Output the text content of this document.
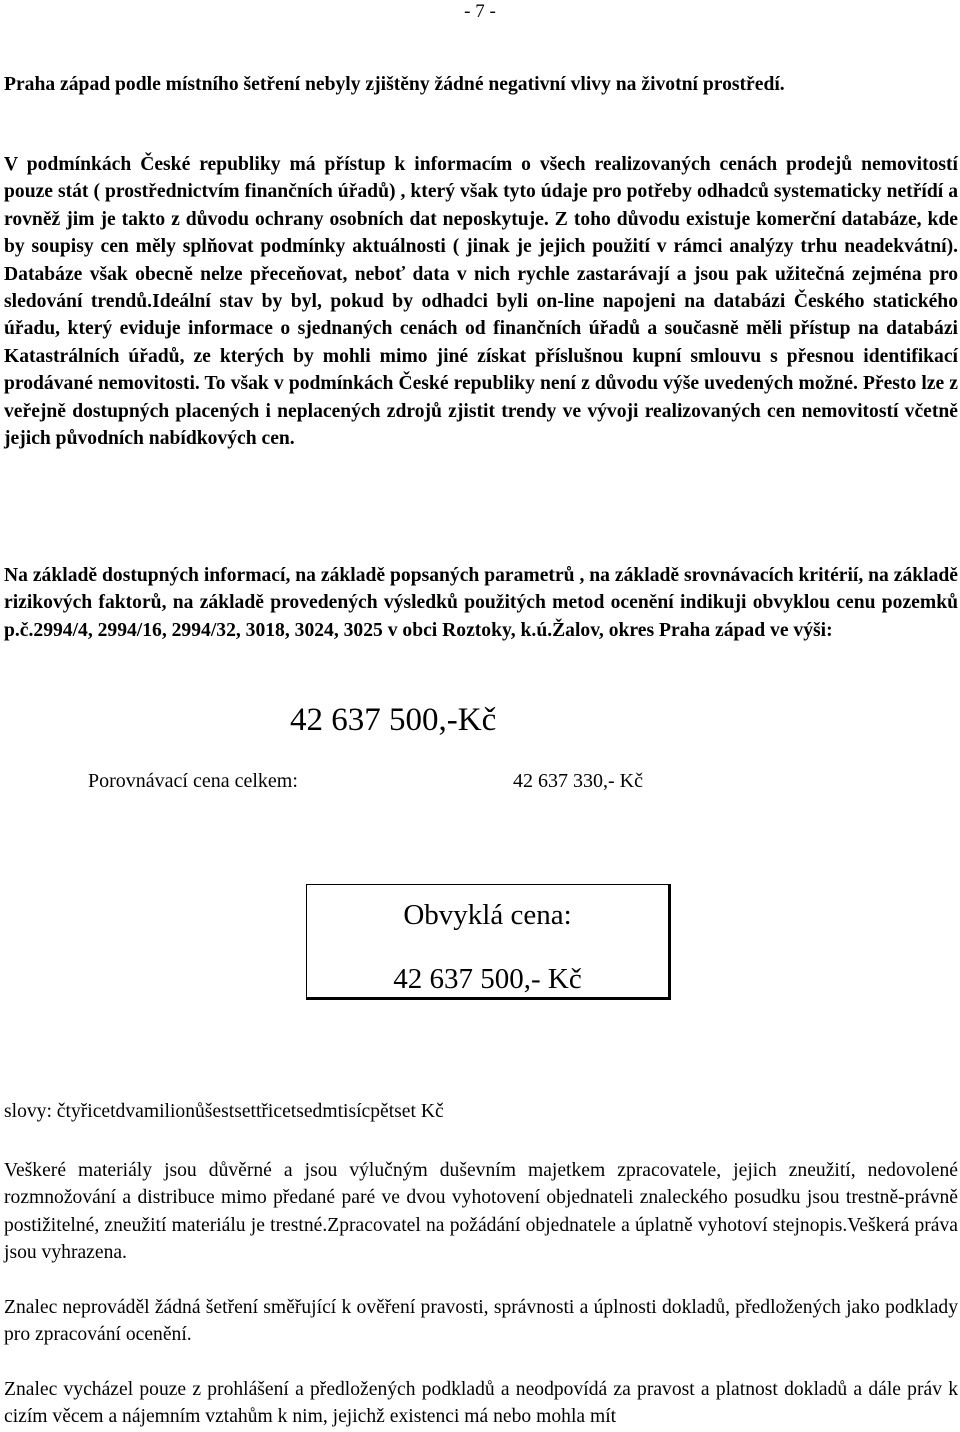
- 7 -

Praha západ podle místního šetření nebyly zjištěny žádné negativní vlivy na životní prostředí.

V podmínkách České republiky má přístup k informacím o všech realizovaných cenách prodejů nemovitostí pouze stát ( prostřednictvím finančních úřadů) , který však tyto údaje pro potřeby odhadců systematicky netřídí a rovněž jim je takto z důvodu ochrany osobních dat neposkytuje. Z toho důvodu existuje komerční databáze, kde by soupisy cen měly splňovat podmínky aktuálnosti ( jinak je jejich použití v rámci analýzy trhu neadekvátní). Databáze však obecně nelze přeceňovat, neboť data v nich rychle zastarávají a jsou pak užitečná zejména pro sledování trendů.Ideální stav by byl, pokud by odhadci byli on-line napojeni na databázi Českého statického úřadu, který eviduje informace o sjednaných cenách od finančních úřadů a současně měli přístup na databázi Katastrálních úřadů, ze kterých by mohli mimo jiné získat příslušnou kupní smlouvu s přesnou identifikací prodávané nemovitosti. To však v podmínkách České republiky není z důvodu výše uvedených možné. Přesto lze z veřejně dostupných placených i neplacených zdrojů zjistit trendy ve vývoji realizovaných cen nemovitostí včetně jejich původních nabídkových cen.

Na základě dostupných informací, na základě popsaných parametrů , na základě srovnávacích kritérií, na základě rizikových faktorů, na základě provedených výsledků použitých metod ocenění indikuji obvyklou cenu pozemků p.č.2994/4, 2994/16, 2994/32, 3018, 3024, 3025 v obci Roztoky, k.ú.Žalov, okres Praha západ ve výši:

42 637 500,-Kč
Porovnávací cena celkem:	42 637 330,- Kč
Obvyklá cena:
42 637 500,- Kč

slovy: čtyřicetdvamilionůšestsettřicetsedmtisícpětset Kč

Veškeré materiály jsou důvěrné a jsou výlučným duševním majetkem zpracovatele, jejich zneužití, nedovolené rozmnožování a distribuce mimo předané paré ve dvou vyhotovení objednateli znaleckého posudku jsou trestně-právně postižitelné, zneužití materiálu je trestné.Zpracovatel na požádání objednatele a úplatně vyhotoví stejnopis.Veškerá práva jsou vyhrazena.

Znalec neprováděl žádná šetření směřující k ověření pravosti, správnosti a úplnosti dokladů, předložených jako podklady pro zpracování ocenění.

Znalec vycházel pouze z prohlášení a předložených podkladů a neodpovídá za pravost a platnost dokladů a dále práv k cizím věcem a nájemním vztahům k nim, jejichž existenci má nebo mohla mít
